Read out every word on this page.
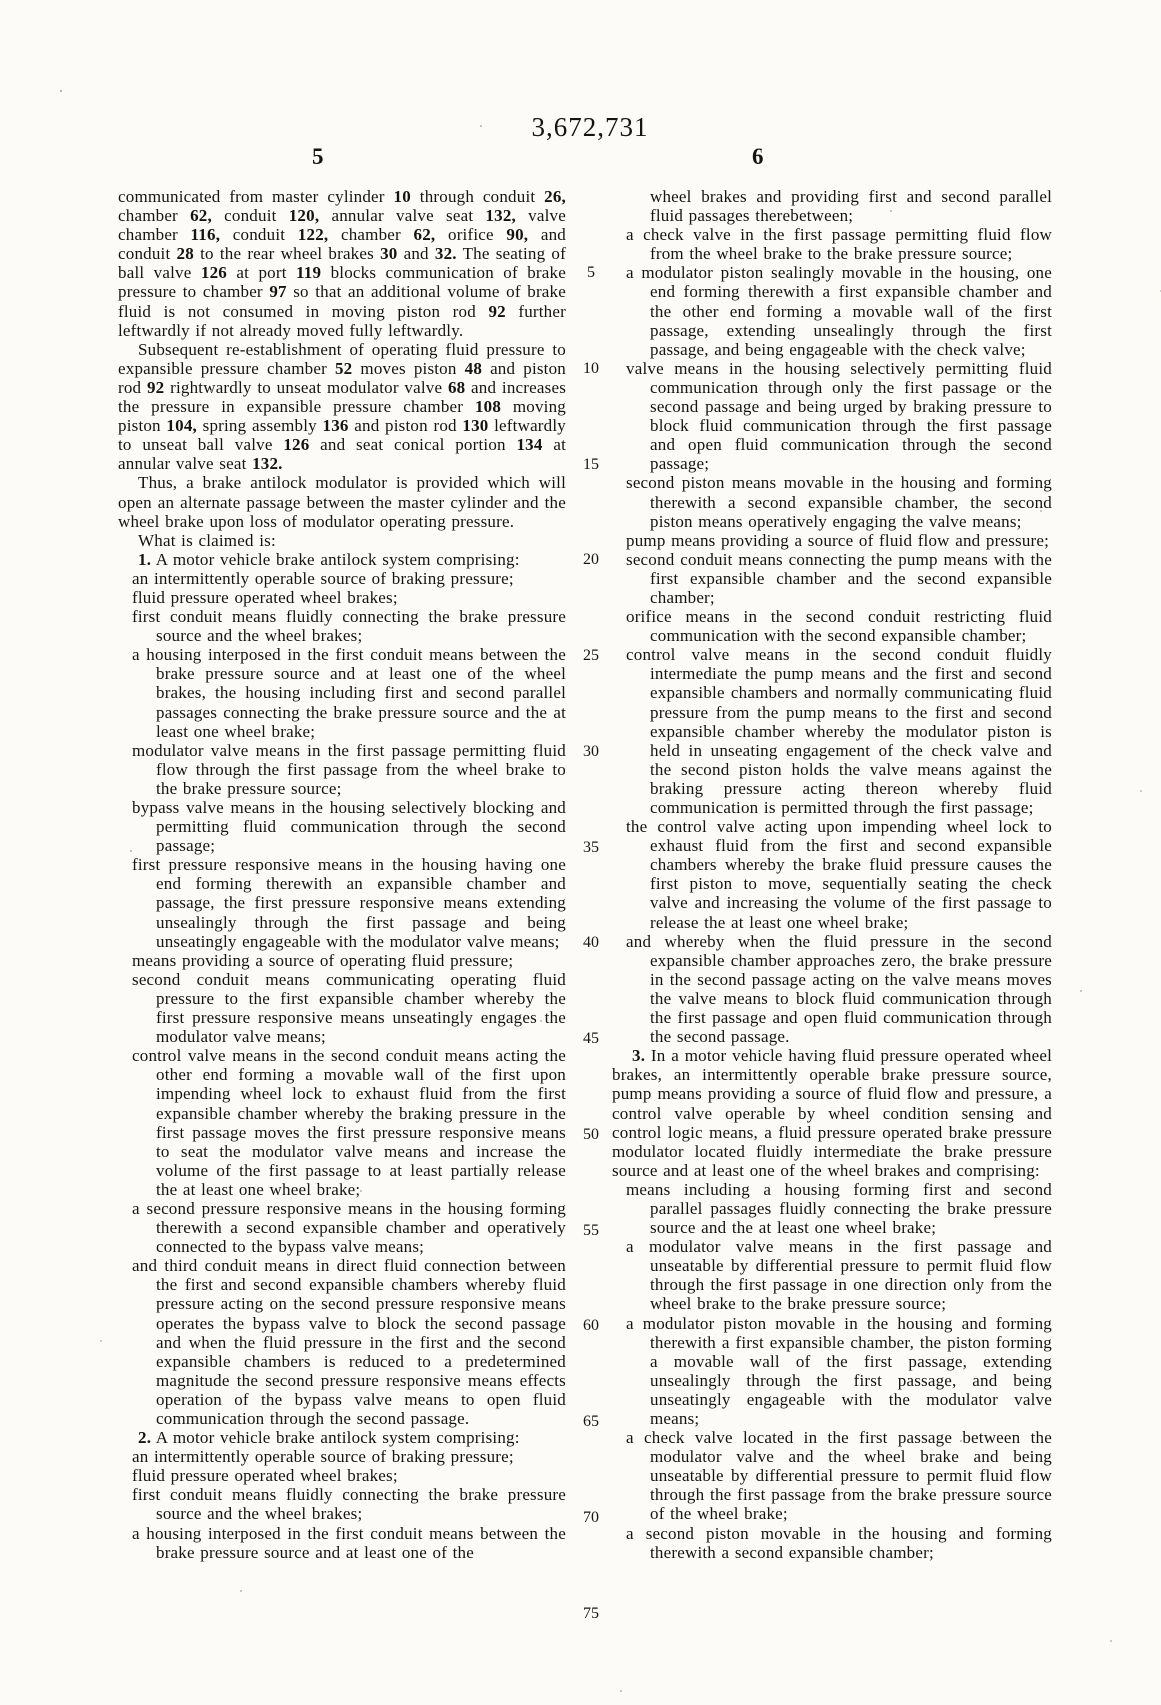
3,672,731
5	6

communicated from master cylinder 10 through conduit 26, chamber 62, conduit 120, annular valve seat 132, valve chamber 116, conduit 122, chamber 62, orifice 90, and conduit 28 to the rear wheel brakes 30 and 32. The seating of ball valve 126 at port 119 blocks communication of brake pressure to chamber 97 so that an additional volume of brake fluid is not consumed in moving piston rod 92 further leftwardly if not already moved fully leftwardly.

Subsequent re-establishment of operating fluid pressure to expansible pressure chamber 52 moves piston 48 and piston rod 92 rightwardly to unseat modulator valve 68 and increases the pressure in expansible pressure chamber 108 moving piston 104, spring assembly 136 and piston rod 130 leftwardly to unseat ball valve 126 and seat conical portion 134 at annular valve seat 132.

Thus, a brake antilock modulator is provided which will open an alternate passage between the master cylinder and the wheel brake upon loss of modulator operating pressure.

What is claimed is:

1. A motor vehicle brake antilock system comprising:

an intermittently operable source of braking pressure;

fluid pressure operated wheel brakes;

first conduit means fluidly connecting the brake pressure source and the wheel brakes;

a housing interposed in the first conduit means between the brake pressure source and at least one of the wheel brakes, the housing including first and second parallel passages connecting the brake pressure source and the at least one wheel brake;

modulator valve means in the first passage permitting fluid flow through the first passage from the wheel brake to the brake pressure source;

bypass valve means in the housing selectively blocking and permitting fluid communication through the second passage;

first pressure responsive means in the housing having one end forming therewith an expansible chamber and passage, the first pressure responsive means extending unsealingly through the first passage and being unseatingly engageable with the modulator valve means;

means providing a source of operating fluid pressure;

second conduit means communicating operating fluid pressure to the first expansible chamber whereby the first pressure responsive means unseatingly engages the modulator valve means;

control valve means in the second conduit means acting the other end forming a movable wall of the first upon impending wheel lock to exhaust fluid from the first expansible chamber whereby the braking pressure in the first passage moves the first pressure responsive means to seat the modulator valve means and increase the volume of the first passage to at least partially release the at least one wheel brake;

a second pressure responsive means in the housing forming therewith a second expansible chamber and operatively connected to the bypass valve means;

and third conduit means in direct fluid connection between the first and second expansible chambers whereby fluid pressure acting on the second pressure responsive means operates the bypass valve to block the second passage and when the fluid pressure in the first and the second expansible chambers is reduced to a predetermined magnitude the second pressure responsive means effects operation of the bypass valve means to open fluid communication through the second passage.

2. A motor vehicle brake antilock system comprising:

an intermittently operable source of braking pressure;

fluid pressure operated wheel brakes;

first conduit means fluidly connecting the brake pressure source and the wheel brakes;

a housing interposed in the first conduit means between the brake pressure source and at least one of the

wheel brakes and providing first and second parallel fluid passages therebetween;

a check valve in the first passage permitting fluid flow from the wheel brake to the brake pressure source;

a modulator piston sealingly movable in the housing, one end forming therewith a first expansible chamber and the other end forming a movable wall of the first passage, extending unsealingly through the first passage, and being engageable with the check valve;

valve means in the housing selectively permitting fluid communication through only the first passage or the second passage and being urged by braking pressure to block fluid communication through the first passage and open fluid communication through the second passage;

second piston means movable in the housing and forming therewith a second expansible chamber, the second piston means operatively engaging the valve means;

pump means providing a source of fluid flow and pressure;

second conduit means connecting the pump means with the first expansible chamber and the second expansible chamber;

orifice means in the second conduit restricting fluid communication with the second expansible chamber;

control valve means in the second conduit fluidly intermediate the pump means and the first and second expansible chambers and normally communicating fluid pressure from the pump means to the first and second expansible chamber whereby the modulator piston is held in unseating engagement of the check valve and the second piston holds the valve means against the braking pressure acting thereon whereby fluid communication is permitted through the first passage;

the control valve acting upon impending wheel lock to exhaust fluid from the first and second expansible chambers whereby the brake fluid pressure causes the first piston to move, sequentially seating the check valve and increasing the volume of the first passage to release the at least one wheel brake;

and whereby when the fluid pressure in the second expansible chamber approaches zero, the brake pressure in the second passage acting on the valve means moves the valve means to block fluid communication through the first passage and open fluid communication through the second passage.

3. In a motor vehicle having fluid pressure operated wheel brakes, an intermittently operable brake pressure source, pump means providing a source of fluid flow and pressure, a control valve operable by wheel condition sensing and control logic means, a fluid pressure operated brake pressure modulator located fluidly intermediate the brake pressure source and at least one of the wheel brakes and comprising:

means including a housing forming first and second parallel passages fluidly connecting the brake pressure source and the at least one wheel brake;

a modulator valve means in the first passage and unseatable by differential pressure to permit fluid flow through the first passage in one direction only from the wheel brake to the brake pressure source;

a modulator piston movable in the housing and forming therewith a first expansible chamber, the piston forming a movable wall of the first passage, extending unsealingly through the first passage, and being unseatingly engageable with the modulator valve means;

a check valve located in the first passage between the modulator valve and the wheel brake and being unseatable by differential pressure to permit fluid flow through the first passage from the brake pressure source of the wheel brake;

a second piston movable in the housing and forming therewith a second expansible chamber;

5
10
15
20
25
30
35
40
45
50
55
60
65
70
75
